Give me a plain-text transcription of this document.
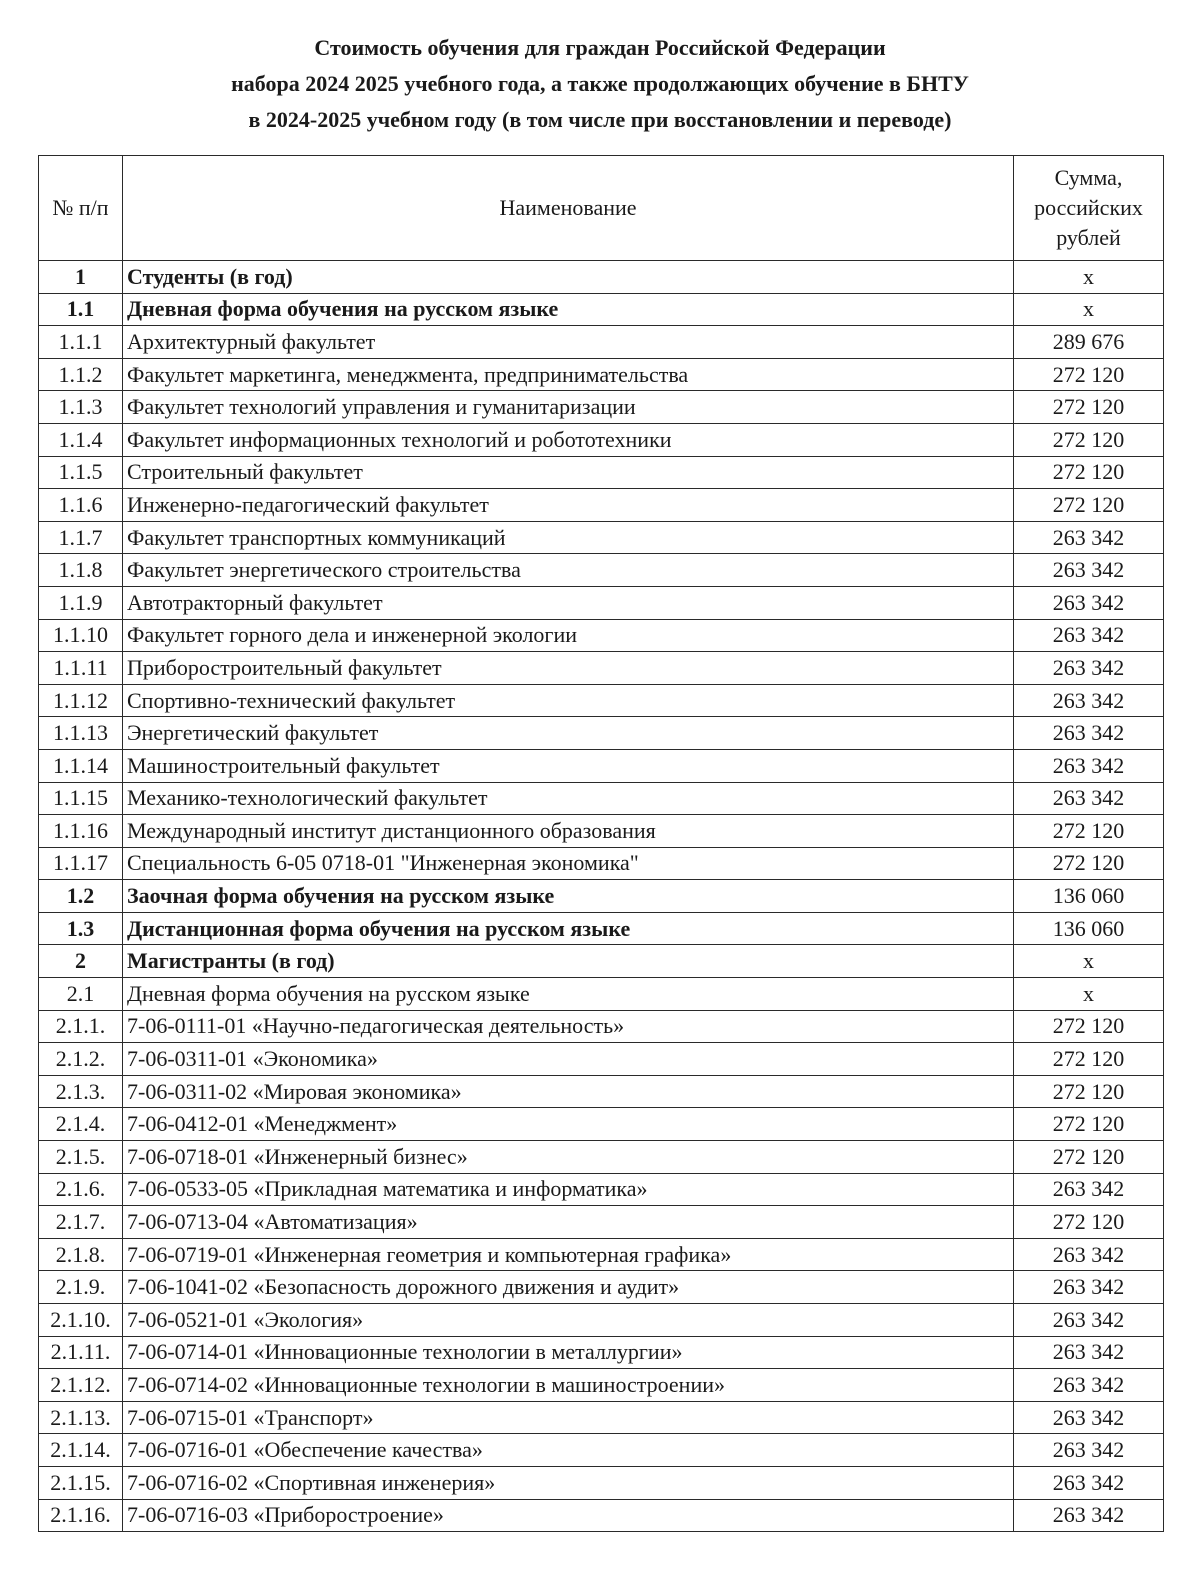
Стоимость обучения для граждан Российской Федерации
набора 2024 2025 учебного года, а также продолжающих обучение в БНТУ
в 2024-2025 учебном году (в том числе при восстановлении и переводе)
№ п/п	Наименование	Сумма,
российских
рублей

1	Студенты (в год)	х
1.1	Дневная форма обучения на русском языке	х
1.1.1	Архитектурный факультет	289 676
1.1.2	Факультет маркетинга, менеджмента, предпринимательства	272 120
1.1.3	Факультет технологий управления и гуманитаризации	272 120
1.1.4	Факультет информационных технологий и робототехники	272 120
1.1.5	Строительный факультет	272 120
1.1.6	Инженерно-педагогический факультет	272 120
1.1.7	Факультет транспортных коммуникаций	263 342
1.1.8	Факультет энергетического строительства	263 342
1.1.9	Автотракторный факультет	263 342
1.1.10	Факультет горного дела и инженерной экологии	263 342
1.1.11	Приборостроительный факультет	263 342
1.1.12	Спортивно-технический факультет	263 342
1.1.13	Энергетический факультет	263 342
1.1.14	Машиностроительный факультет	263 342
1.1.15	Механико-технологический факультет	263 342
1.1.16	Международный институт дистанционного образования	272 120
1.1.17	Специальность 6-05 0718-01 "Инженерная экономика"	272 120
1.2	Заочная форма обучения на русском языке	136 060
1.3	Дистанционная форма обучения на русском языке	136 060
2	Магистранты (в год)	х
2.1	Дневная форма обучения на русском языке	х
2.1.1.	7-06-0111-01 «Научно-педагогическая деятельность»	272 120
2.1.2.	7-06-0311-01 «Экономика»	272 120
2.1.3.	7-06-0311-02 «Мировая экономика»	272 120
2.1.4.	7-06-0412-01 «Менеджмент»	272 120
2.1.5.	7-06-0718-01 «Инженерный бизнес»	272 120
2.1.6.	7-06-0533-05 «Прикладная математика и информатика»	263 342
2.1.7.	7-06-0713-04 «Автоматизация»	272 120
2.1.8.	7-06-0719-01 «Инженерная геометрия и компьютерная графика»	263 342
2.1.9.	7-06-1041-02 «Безопасность дорожного движения и аудит»	263 342
2.1.10.	7-06-0521-01 «Экология»	263 342
2.1.11.	7-06-0714-01 «Инновационные технологии в металлургии»	263 342
2.1.12.	7-06-0714-02 «Инновационные технологии в машиностроении»	263 342
2.1.13.	7-06-0715-01 «Транспорт»	263 342
2.1.14.	7-06-0716-01 «Обеспечение качества»	263 342
2.1.15.	7-06-0716-02 «Спортивная инженерия»	263 342
2.1.16.	7-06-0716-03 «Приборостроение»	263 342
